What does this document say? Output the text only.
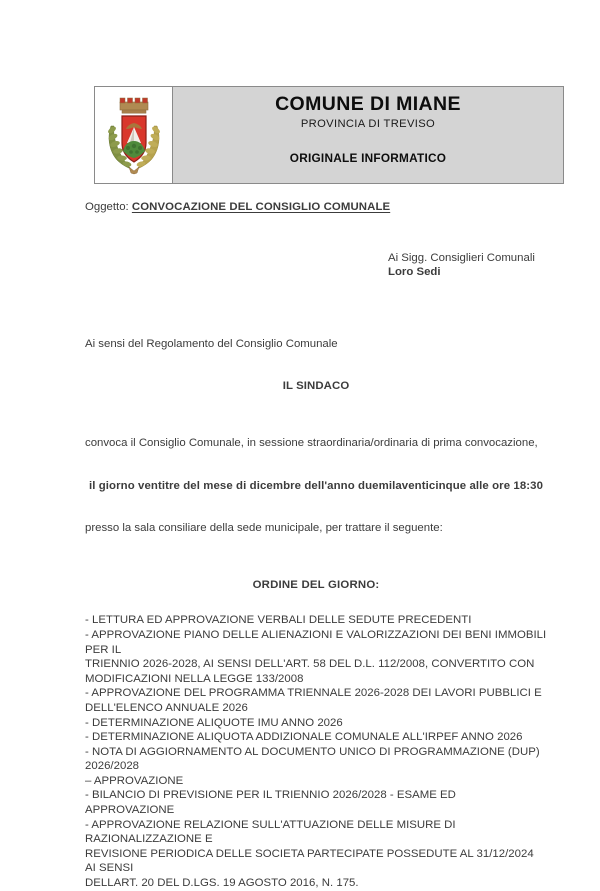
COMUNE DI MIANE
PROVINCIA DI TREVISO
ORIGINALE INFORMATICO

Oggetto: CONVOCAZIONE DEL CONSIGLIO COMUNALE

Ai Sigg. Consiglieri Comunali

Loro Sedi

Ai sensi del Regolamento del Consiglio Comunale

IL SINDACO

convoca il Consiglio Comunale, in sessione straordinaria/ordinaria di prima convocazione,

il giorno ventitre del mese di dicembre dell'anno duemilaventicinque alle ore 18:30

presso la sala consiliare della sede municipale, per trattare il seguente:

ORDINE DEL GIORNO:

- LETTURA ED APPROVAZIONE VERBALI DELLE SEDUTE PRECEDENTI
- APPROVAZIONE PIANO DELLE ALIENAZIONI E VALORIZZAZIONI DEI BENI IMMOBILI PER IL
TRIENNIO 2026-2028, AI SENSI DELL'ART. 58 DEL D.L. 112/2008, CONVERTITO CON
MODIFICAZIONI NELLA LEGGE 133/2008
- APPROVAZIONE DEL PROGRAMMA TRIENNALE 2026-2028 DEI LAVORI PUBBLICI E
DELL'ELENCO ANNUALE 2026
- DETERMINAZIONE ALIQUOTE IMU ANNO 2026
- DETERMINAZIONE ALIQUOTA ADDIZIONALE COMUNALE ALL'IRPEF ANNO 2026
- NOTA DI AGGIORNAMENTO AL DOCUMENTO UNICO DI PROGRAMMAZIONE (DUP) 2026/2028
– APPROVAZIONE
- BILANCIO DI PREVISIONE PER IL TRIENNIO 2026/2028 - ESAME ED APPROVAZIONE
- APPROVAZIONE RELAZIONE SULL'ATTUAZIONE DELLE MISURE DI RAZIONALIZZAZIONE E
REVISIONE PERIODICA DELLE SOCIETA PARTECIPATE POSSEDUTE AL 31/12/2024 AI SENSI
DELLART. 20 DEL D.LGS. 19 AGOSTO 2016, N. 175.
